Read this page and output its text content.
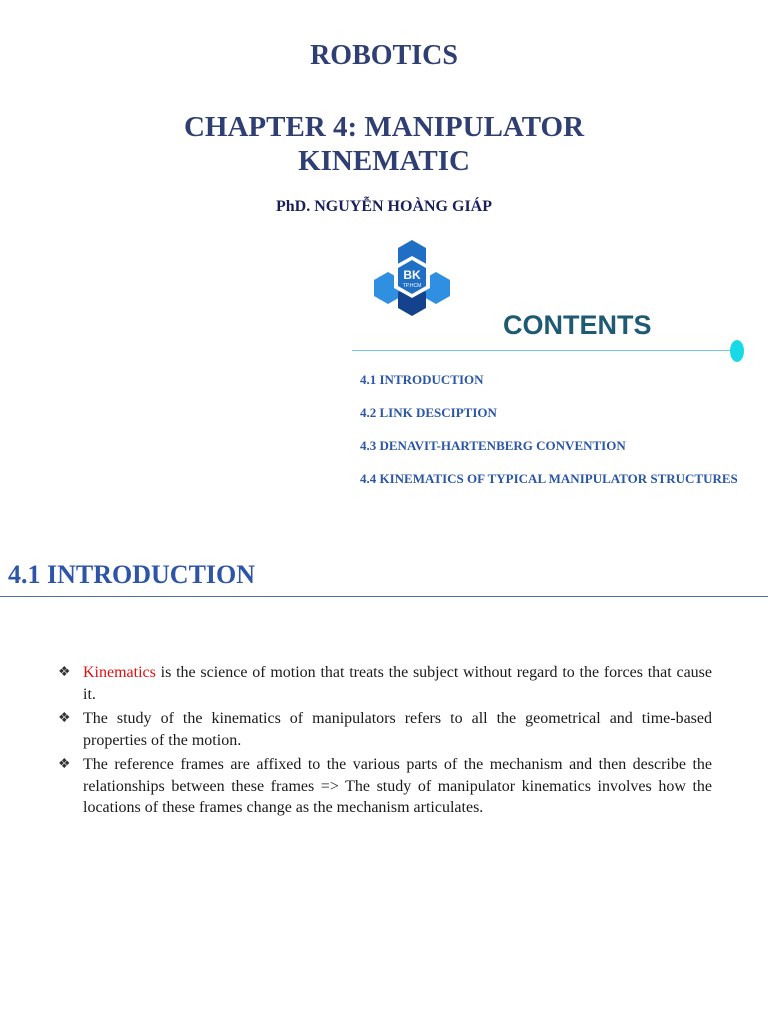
ROBOTICS
CHAPTER 4: MANIPULATOR
KINEMATIC
PhD. NGUYỄN HOÀNG GIÁP
BK
TP.HCM
CONTENTS
4.1 INTRODUCTION
4.2 LINK DESCIPTION
4.3 DENAVIT-HARTENBERG CONVENTION
4.4 KINEMATICS OF TYPICAL MANIPULATOR STRUCTURES
4.1 INTRODUCTION
❖ Kinematics is the science of motion that treats the subject without regard to the forces that cause it.
❖ The study of the kinematics of manipulators refers to all the geometrical and time-based properties of the motion.
❖ The reference frames are affixed to the various parts of the mechanism and then describe the relationships between these frames => The study of manipulator kinematics involves how the locations of these frames change as the mechanism articulates.
